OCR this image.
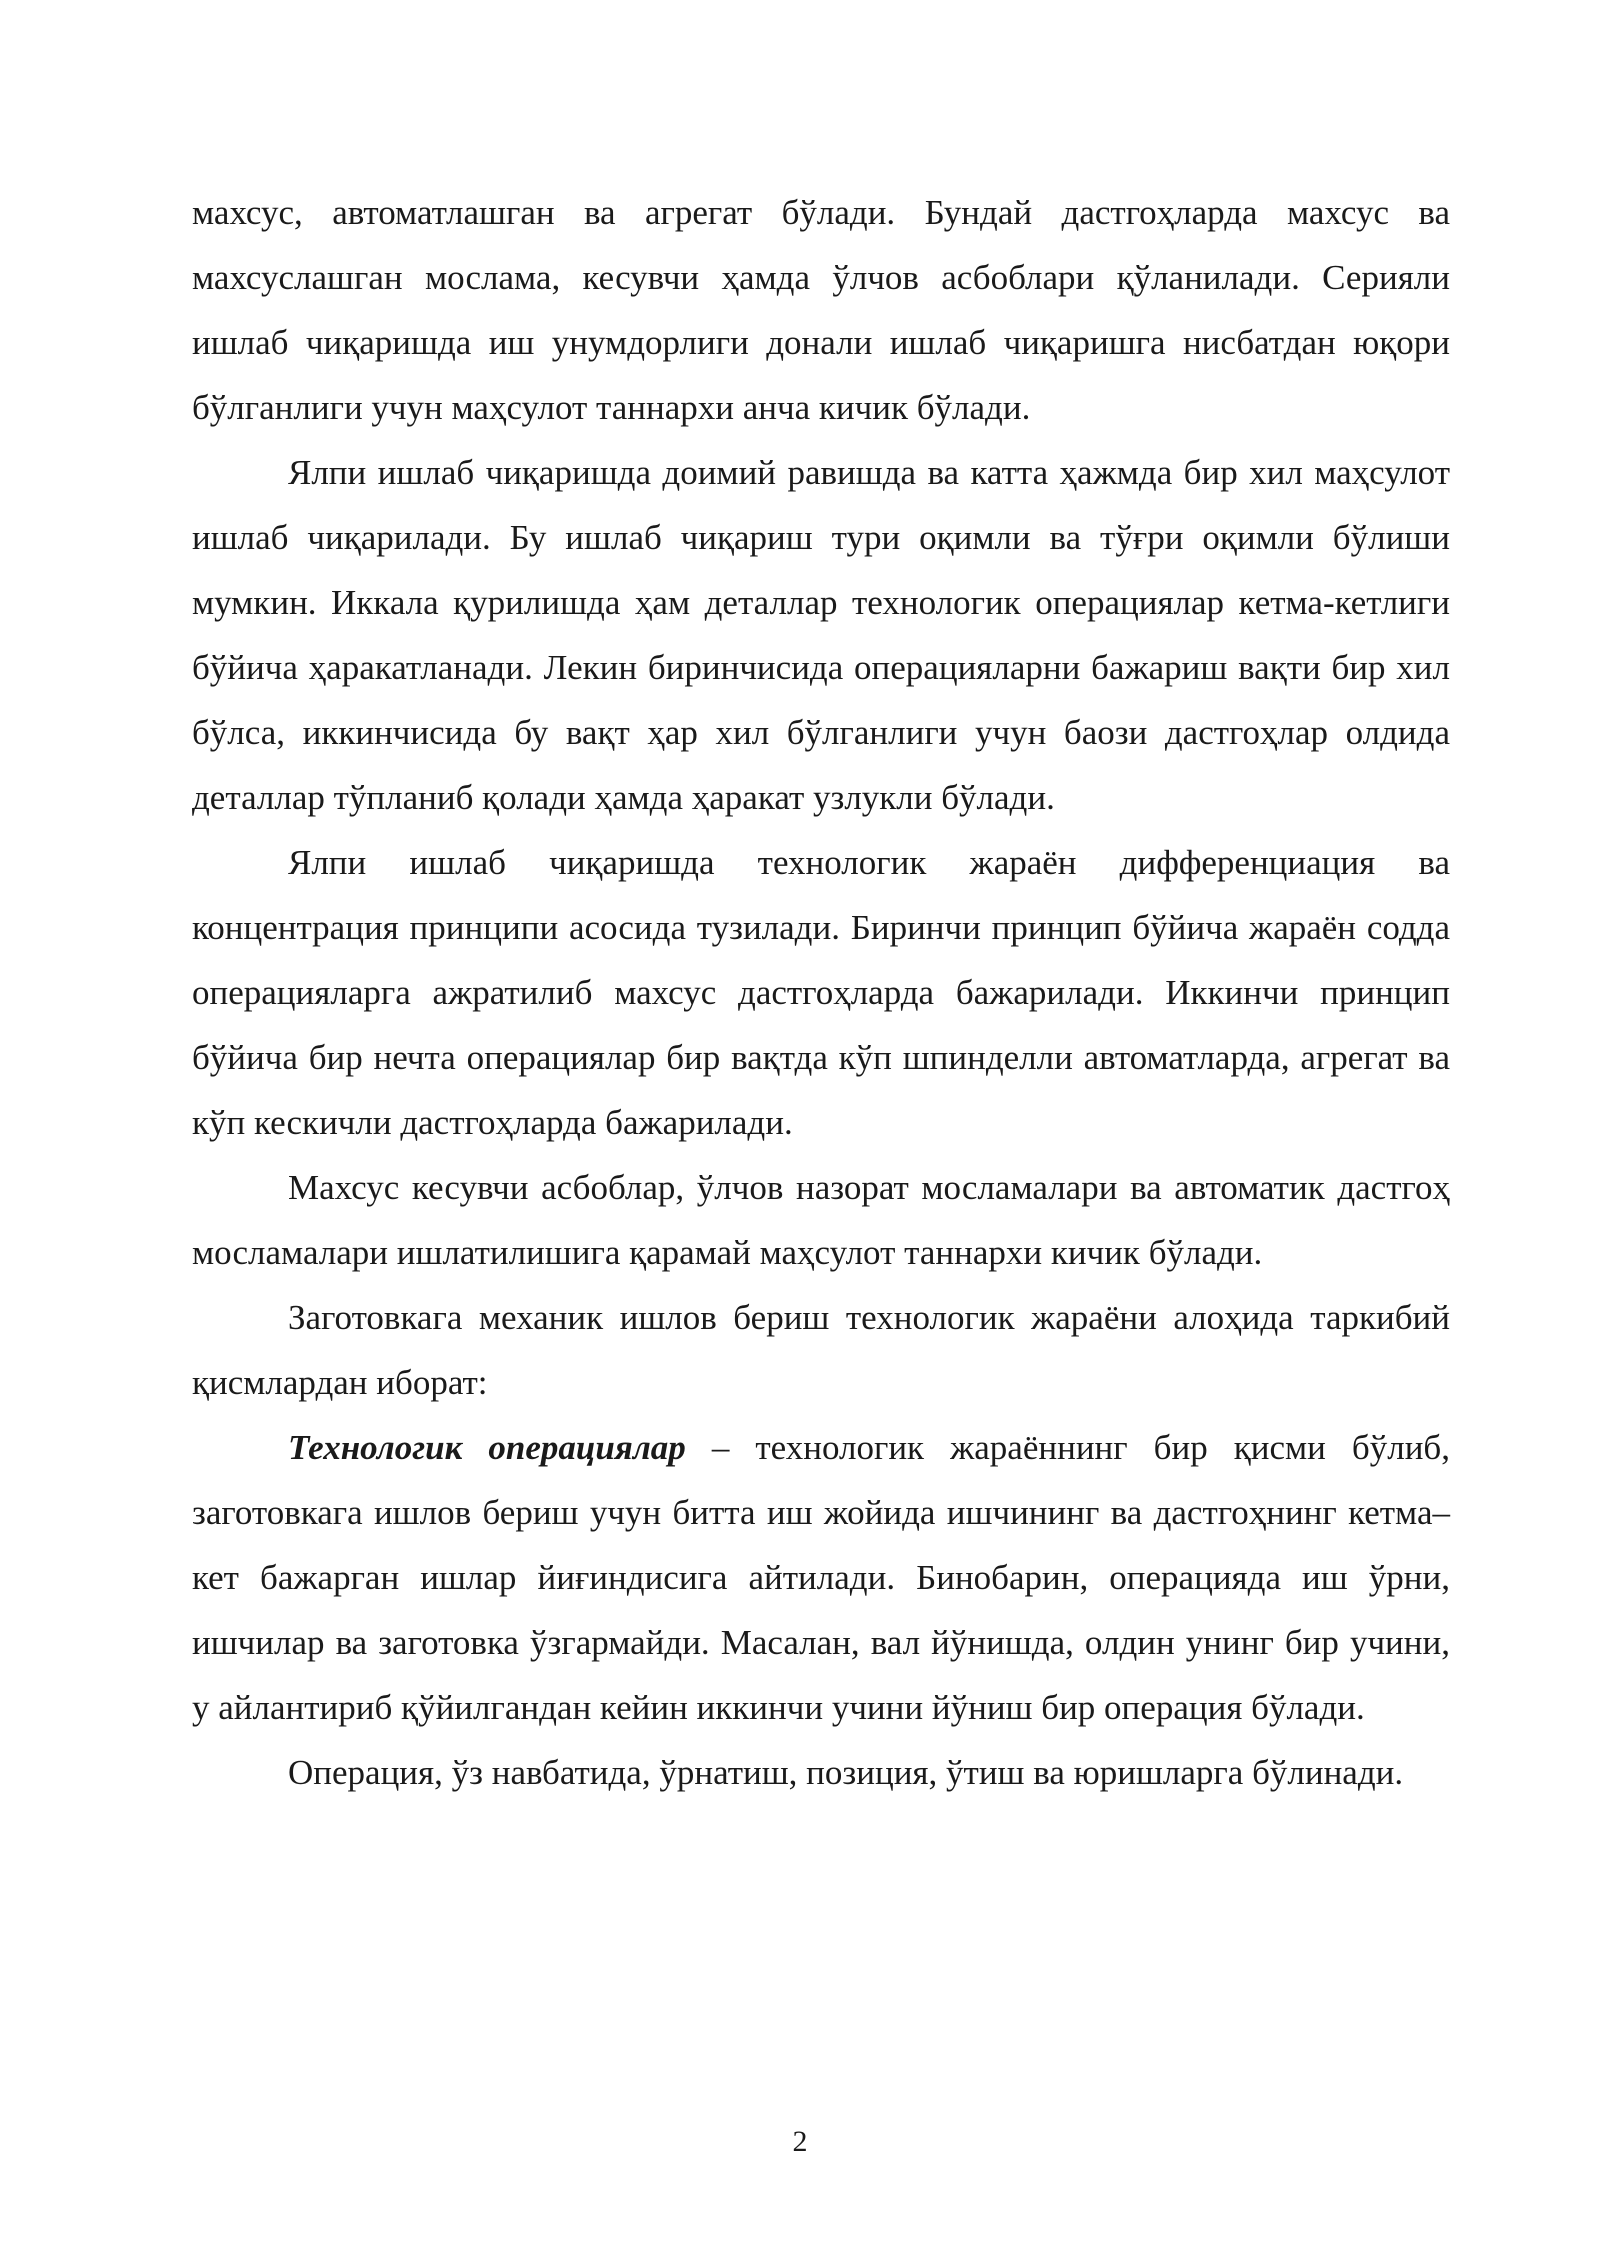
махсус, автоматлашган ва агрегат бўлади. Бундай дастгоҳларда махсус ва махсуслашган мослама, кесувчи ҳамда ўлчов асбоблари қўланилади. Серияли ишлаб чиқаришда иш унумдорлиги донали ишлаб чиқаришга нисбатдан юқори бўлганлиги учун маҳсулот таннархи анча кичик бўлади.

Ялпи ишлаб чиқаришда доимий равишда ва катта ҳажмда бир хил маҳсулот ишлаб чиқарилади. Бу ишлаб чиқариш тури оқимли ва тўғри оқимли бўлиши мумкин. Иккала қурилишда ҳам деталлар технологик операциялар кетма-кетлиги бўйича ҳаракатланади. Лекин биринчисида операцияларни бажариш вақти бир хил бўлса, иккинчисида бу вақт ҳар хил бўлганлиги учун баози дастгоҳлар олдида деталлар тўпланиб қолади ҳамда ҳаракат узлукли бўлади.

Ялпи ишлаб чиқаришда технологик жараён дифференциация ва концентрация принципи асосида тузилади. Биринчи принцип бўйича жараён содда операцияларга ажратилиб махсус дастгоҳларда бажарилади. Иккинчи принцип бўйича бир нечта операциялар бир вақтда кўп шпинделли автоматларда, агрегат ва кўп кескичли дастгоҳларда бажарилади.

Махсус кесувчи асбоблар, ўлчов назорат мосламалари ва автоматик дастгоҳ мосламалари ишлатилишига қарамай маҳсулот таннархи кичик бўлади.

Заготовкага механик ишлов бериш технологик жараёни алоҳида таркибий қисмлардан иборат:

Технологик операциялар – технологик жараённинг бир қисми бўлиб, заготовкага ишлов бериш учун битта иш жойида ишчининг ва дастгоҳнинг кетма–кет бажарган ишлар йиғиндисига айтилади. Бинобарин, операцияда иш ўрни, ишчилар ва заготовка ўзгармайди. Масалан, вал йўнишда, олдин унинг бир учини, у айлантириб қўйилгандан кейин иккинчи учини йўниш бир операция бўлади.

Операция, ўз навбатида, ўрнатиш, позиция, ўтиш ва юришларга бўлинади.

2
